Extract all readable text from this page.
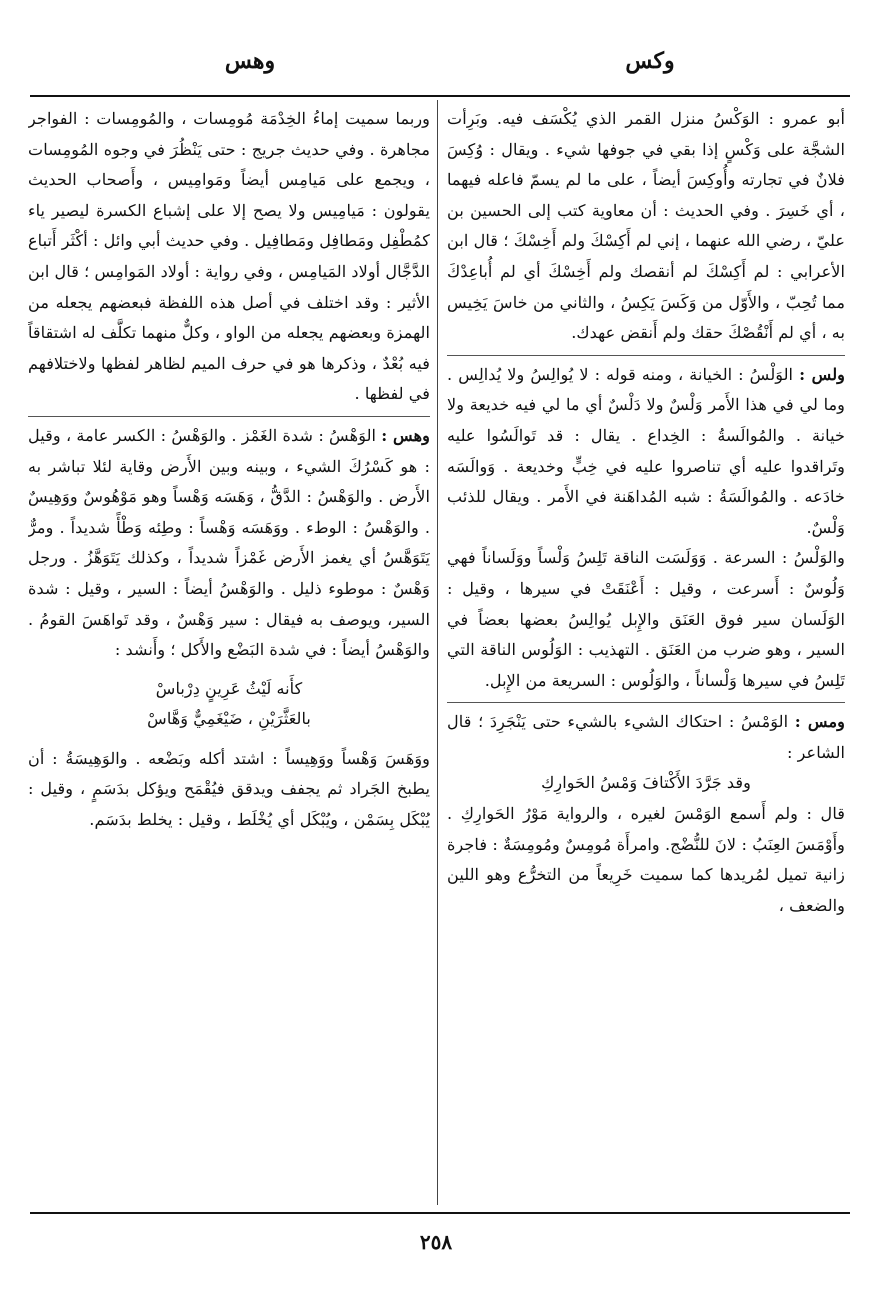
وكس
وهس

أبو عمرو : الوَكْسُ منزل القمر الذي يُكْسَف فيه. وبَرِأت الشجَّة على وَكْسٍ إذا بقي في جوفها شيء . ويقال : وُكِسَ فلانٌ في تجارته وأُوكِسَ أيضاً ، على ما لم يسمّ فاعله فيهما ، أي خَسِرَ . وفي الحديث : أن معاوية كتب إلى الحسين بن عليّ ، رضي الله عنهما ، إني لم أَكِسْكَ ولم أَخِسْكَ ؛ قال ابن الأعرابي : لم أَكِسْكَ لم أنقصك ولم أَخِسْكَ أي لم أُباعِدْكَ مما تُحِبّ ، والأَوّل من وَكَسَ يَكِسُ ، والثاني من خاسَ يَخِيس به ، أي لم أَنْقُصْكَ حقك ولم أَنقض عهدك.

ولس : الوَلْسُ : الخيانة ، ومنه قوله : لا يُوالِسُ ولا يُدالِس . وما لي في هذا الأَمر وَلْسٌ ولا دَلْسٌ أي ما لي فيه خديعة ولا خيانة . والمُوالَسةُ : الخِداع . يقال : قد تَوالَسُوا عليه وتَراقدوا عليه أي تناصروا عليه في خِبٍّ وخديعة . وَوالَسَه خادَعه . والمُوالَسَةُ : شبه المُداهَنة في الأَمر . ويقال للذئب وَلْسٌ.

والوَلْسُ : السرعة . وَوَلَسَت الناقة تَلِسُ وَلْساً ووَلَساناً فهي وَلُوسٌ : أَسرعت ، وقيل : أَعْنَقَتْ في سيرها ، وقيل : الوَلَسان سير فوق العَنَق والإِبل يُوالِسُ بعضها بعضاً في السير ، وهو ضرب من العَنَق . التهذيب : الوَلُوس الناقة التي تَلِسُ في سيرها وَلْساناً ، والوَلُوس : السريعة من الإِبل.

ومس : الوَمْسُ : احتكاك الشيء بالشيء حتى يَنْجَرِدَ ؛ قال الشاعر :

وقد جَرَّدَ الأَكْتافَ وَمْسُ الحَوارِكِ

قال : ولم أَسمع الوَمْسَ لغيره ، والرواية مَوْرُ الحَوارِكِ . وأَوْمَسَ العِنَبُ : لانَ للنُّضْج. وامرأَة مُومِسٌ ومُومِسَةٌ : فاجرة زانية تميل لمُريدها كما سميت خَرِيعاً من التخرُّع وهو اللين والضعف ،

وربما سميت إماءُ الخِدْمَة مُومِسات ، والمُومِسات : الفواجر مجاهرة . وفي حديث جريج : حتى يَنْظُرَ في وجوه المُومِسات ، ويجمع على مَيامِس أيضاً ومَوامِيس ، وأَصحاب الحديث يقولون : مَيامِيس ولا يصح إلا على إشباع الكسرة ليصير ياء كمُطْفِل ومَطافِل ومَطافِيل . وفي حديث أبي وائل : أكْثَر أَتباع الدَّجَّال أولاد المَيامِس ، وفي رواية : أولاد المَوامِس ؛ قال ابن الأثير : وقد اختلف في أصل هذه اللفظة فبعضهم يجعله من الهمزة وبعضهم يجعله من الواو ، وكلٌّ منهما تكلَّف له اشتقاقاً فيه بُعْدٌ ، وذكرها هو في حرف الميم لظاهر لفظها ولاختلافهم في لفظها .

وهس : الوَهْسُ : شدة الغَمْز . والوَهْسُ : الكسر عامة ، وقيل : هو كَسْرُكَ الشيء ، وبينه وبين الأَرض وقاية لئلا تباشر به الأَرض . والوَهْسُ : الدَّقُّ ، وَهَسَه وَهْساً وهو مَوْهُوسٌ ووَهِيسٌ . والوَهْسُ : الوطء . ووَهَسَه وَهْساً : وطِئه وَطْأً شديداً . ومرٌّ يَتَوَهَّسُ أي يغمز الأَرض غَمْزاً شديداً ، وكذلك يَتَوَهَّزُ . ورجل وَهْسٌ : موطوء ذليل . والوَهْسُ أيضاً : السير ، وقيل : شدة السير، ويوصف به فيقال : سير وَهْسٌ ، وقد تَواهَسَ القومُ . والوَهْسُ أيضاً : في شدة البَضْع والأَكل ؛ وأَنشد :

كأَنه لَيْثُ عَرِينٍ دِرْباسْ
بالعَثَّرَيْنِ ، ضَيْغَمِيٌّ وَهَّاسْ

ووَهَسَ وَهْساً ووَهِيساً : اشتد أكله وبَضْعه . والوَهِيسَةُ : أن يطبخ الجَراد ثم يجفف ويدقق فيُقْمَح ويؤكل بدَسَمٍ ، وقيل : يُبْكَل بِسَمْن ، ويُبْكَل أي يُخْلَط ، وقيل : يخلط بدَسَم.

٢٥٨
